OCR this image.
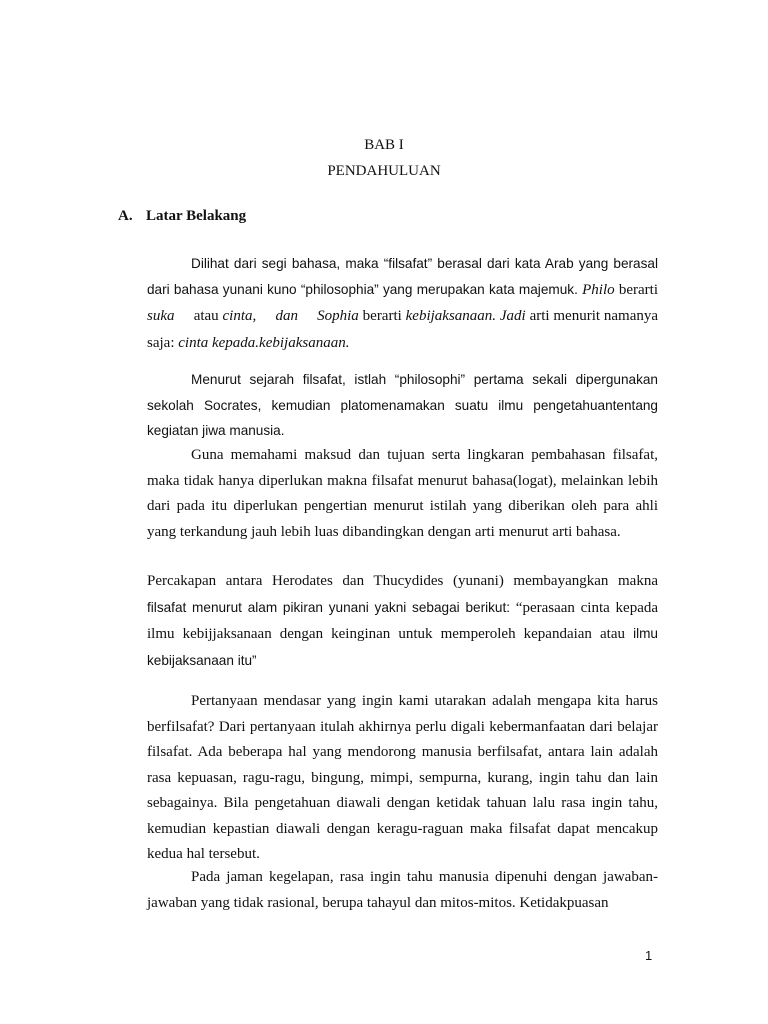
BAB I
PENDAHULUAN
A. Latar Belakang
Dilihat dari segi bahasa, maka “filsafat” berasal dari kata Arab yang berasal dari bahasa yunani kuno “philosophia” yang merupakan kata majemuk. Philo berarti suka atau cinta, dan Sophia berarti kebijaksanaan. Jadi arti menurit namanya saja: cinta kepada.kebijaksanaan.
Menurut sejarah filsafat, istlah “philosophi” pertama sekali dipergunakan sekolah Socrates, kemudian platomenamakan suatu ilmu pengetahuantentang kegiatan jiwa manusia.
Guna memahami maksud dan tujuan serta lingkaran pembahasan filsafat, maka tidak hanya diperlukan makna filsafat menurut bahasa(logat), melainkan lebih dari pada itu diperlukan pengertian menurut istilah yang diberikan oleh para ahli yang terkandung jauh lebih luas dibandingkan dengan arti menurut arti bahasa.
Percakapan antara Herodates dan Thucydides (yunani) membayangkan makna filsafat menurut alam pikiran yunani yakni sebagai berikut: “perasaan cinta kepada ilmu kebijjaksanaan dengan keinginan untuk memperoleh kepandaian atau ilmu kebijaksanaan itu”
Pertanyaan mendasar yang ingin kami utarakan adalah mengapa kita harus berfilsafat? Dari pertanyaan itulah akhirnya perlu digali kebermanfaatan dari belajar filsafat. Ada beberapa hal yang mendorong manusia berfilsafat, antara lain adalah rasa kepuasan, ragu-ragu, bingung, mimpi, sempurna, kurang, ingin tahu dan lain sebagainya. Bila pengetahuan diawali dengan ketidak tahuan lalu rasa ingin tahu, kemudian kepastian diawali dengan keragu-raguan maka filsafat dapat mencakup kedua hal tersebut.
Pada jaman kegelapan, rasa ingin tahu manusia dipenuhi dengan jawaban-jawaban yang tidak rasional, berupa tahayul dan mitos-mitos. Ketidakpuasan
1
